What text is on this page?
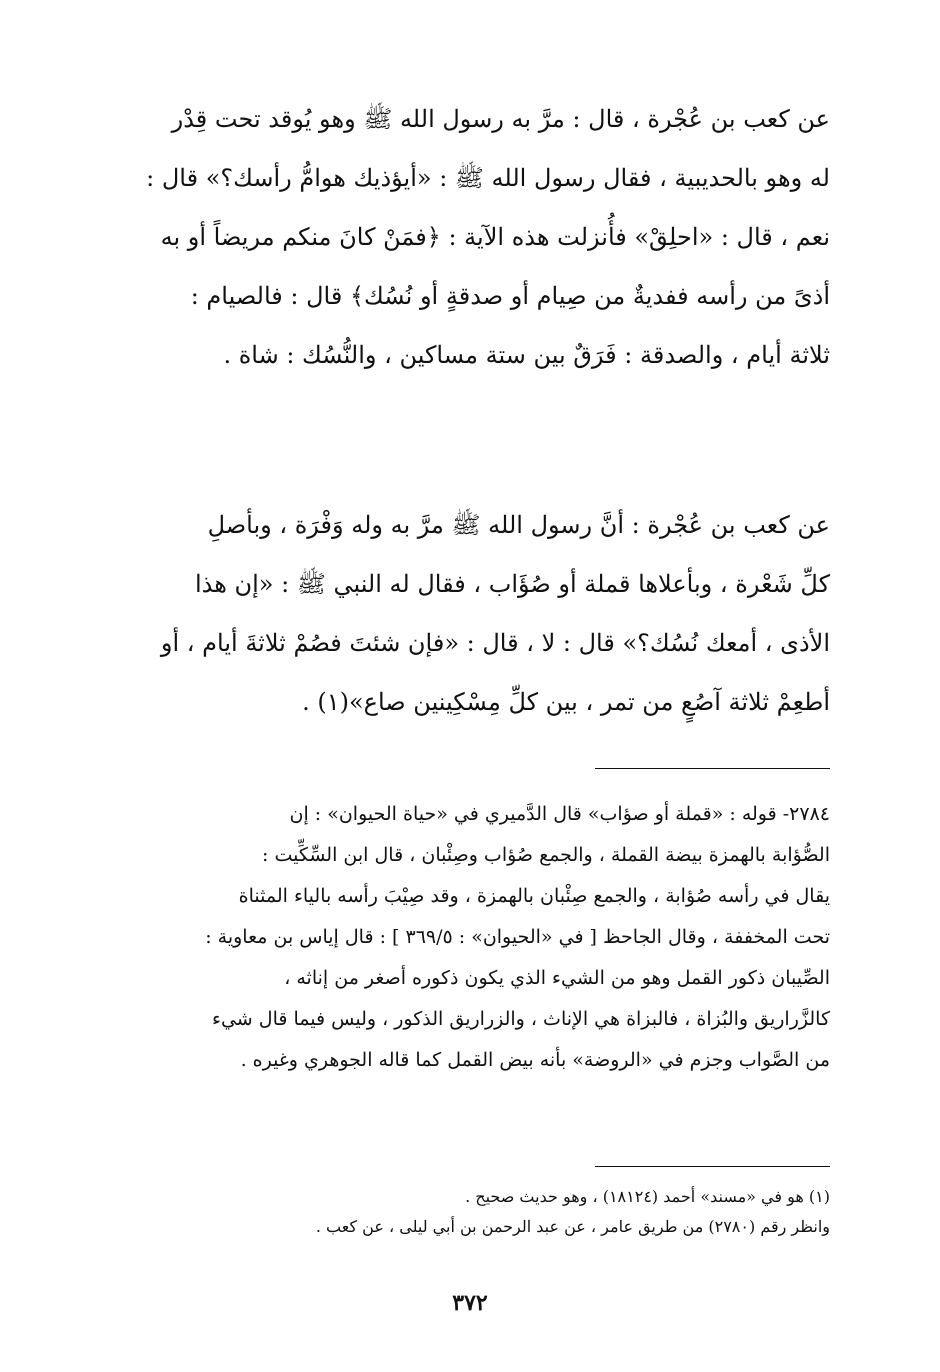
عن كعب بن عُجْرة ، قال : مرَّ به رسول الله ﷺ وهو يُوقد تحت قِدْر
له وهو بالحديبية ، فقال رسول الله ﷺ : «أيؤذيك هوامُّ رأسك؟» قال :
نعم ، قال : «احلِقْ» فأُنزلت هذه الآية : ﴿فمَنْ كانَ منكم مريضاً أو به
أذىً من رأسه ففديةٌ من صِيام أو صدقةٍ أو نُسُك﴾ قال : فالصيام :
ثلاثة أيام ، والصدقة : فَرَقٌ بين ستة مساكين ، والنُّسُك : شاة .
عن كعب بن عُجْرة : أنَّ رسول الله ﷺ مرَّ به وله وَفْرَة ، وبأصلِ
كلِّ شَعْرة ، وبأعلاها قملة أو صُؤَاب ، فقال له النبي ﷺ : «إن هذا
الأذى ، أمعك نُسُك؟» قال : لا ، قال : «فإن شئتَ فصُمْ ثلاثةَ أيام ، أو
أطعِمْ ثلاثة آصُعٍ من تمر ، بين كلِّ مِسْكِينين صاع»(١) .
٢٧٨٤- قوله : «قملة أو صؤاب» قال الدَّميري في «حياة الحيوان» : إن
الصُّؤابة بالهمزة بيضة القملة ، والجمع صُؤاب وصِئْبان ، قال ابن السِّكِّيت :
يقال في رأسه صُؤابة ، والجمع صِئْبان بالهمزة ، وقد صِيْبَ رأسه بالياء المثناة
تحت المخففة ، وقال الجاحظ [ في «الحيوان» : ٣٦٩/٥ ] : قال إياس بن معاوية :
الصِّيبان ذكور القمل وهو من الشيء الذي يكون ذكوره أصغر من إناثه ،
كالزَّراريق والبُزاة ، فالبزاة هي الإناث ، والزراريق الذكور ، وليس فيما قال شيء
من الصَّواب وجزم في «الروضة» بأنه بيض القمل كما قاله الجوهري وغيره .
(١) هو في «مسند» أحمد (١٨١٢٤) ، وهو حديث صحيح .
وانظر رقم (٢٧٨٠) من طريق عامر ، عن عبد الرحمن بن أبي ليلى ، عن كعب .
٣٧٢
